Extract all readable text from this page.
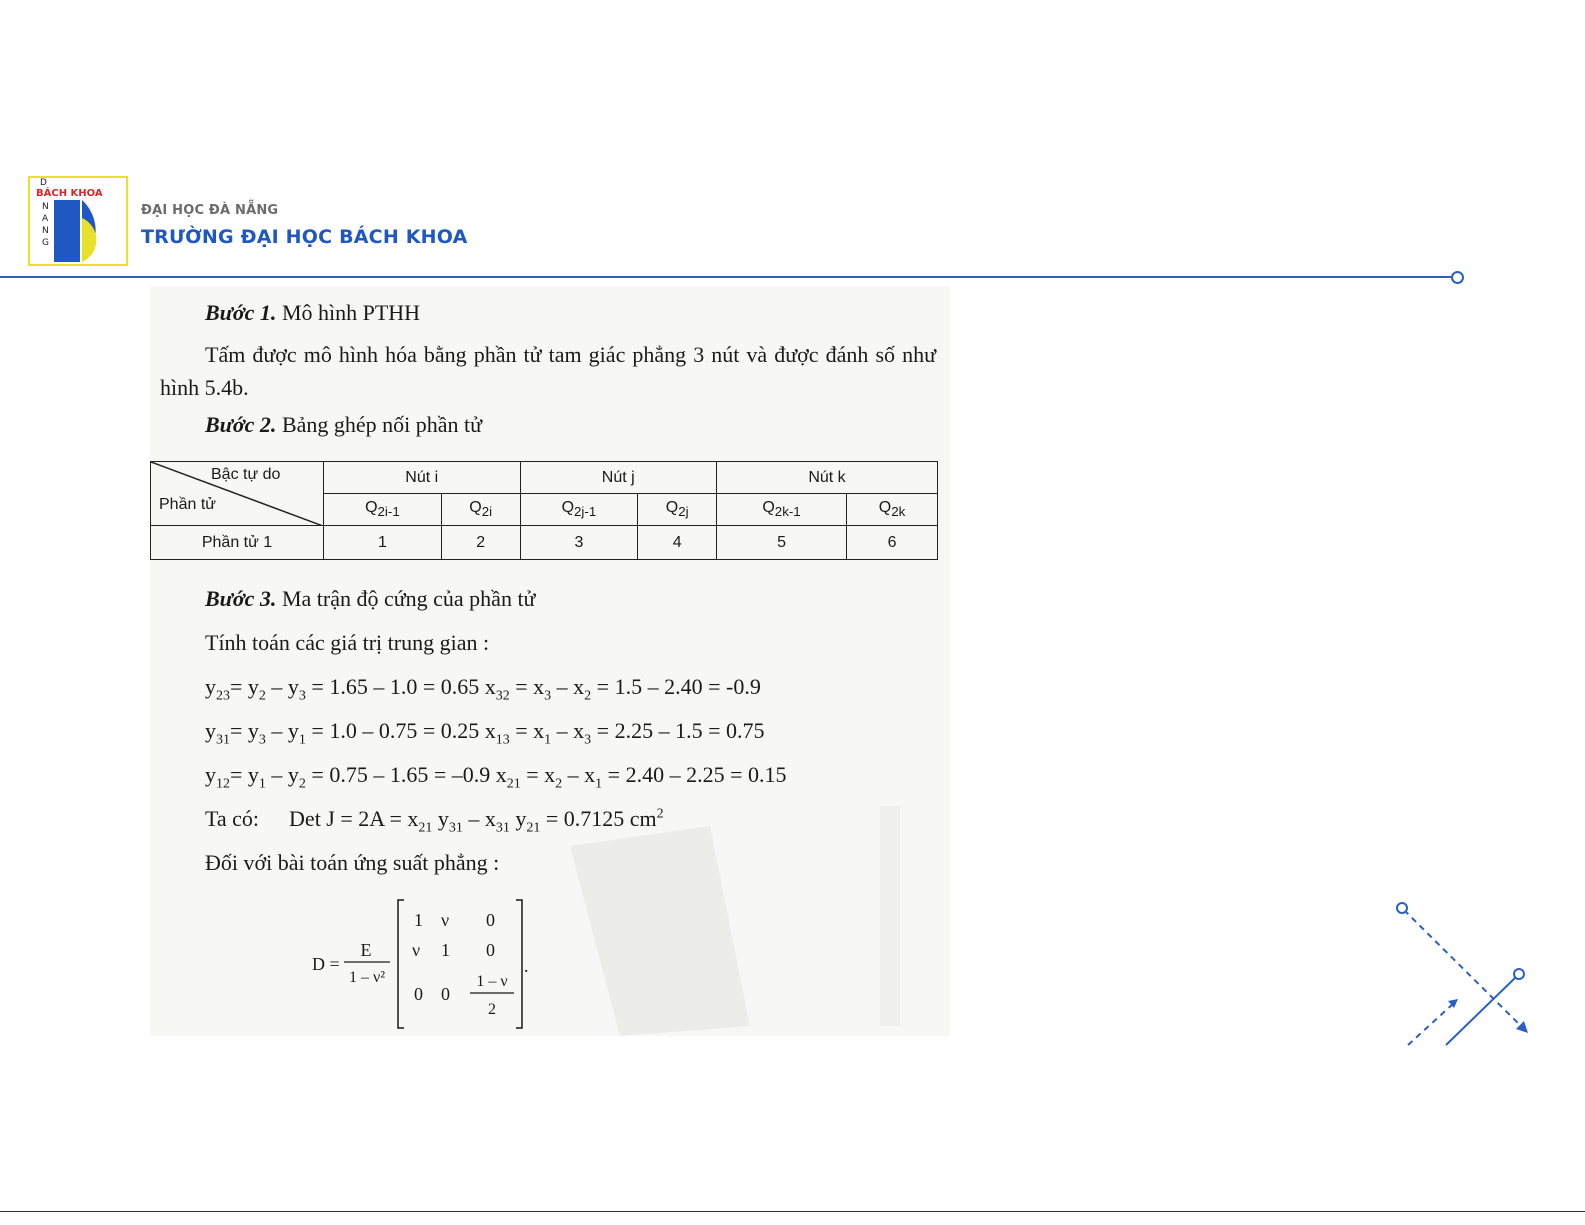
D
BÁCH KHOA
N
A
N
G
ĐẠI HỌC ĐÀ NẴNG
TRƯỜNG ĐẠI HỌC BÁCH KHOA
Bước 1. Mô hình PTHH
Tấm được mô hình hóa bằng phần tử tam giác phẳng 3 nút và được đánh số như hình 5.4b.
Bước 2. Bảng ghép nối phần tử
Bậc tự do
Phần tử	Nút i		Nút j		Nút k	
	$Q_{2i-1}$	$Q_{2i}$	$Q_{2j-1}$	$Q_{2j}$	$Q_{2k-1}$	$Q_{2k}$
Phần tử 1	1	2	3	4	5	6
Bước 3. Ma trận độ cứng của phần tử
Tính toán các giá trị trung gian :
$y_{23}= y_2 - y_3 = 1.65 - 1.0 = 0.65$ $x_{32} = x_3 - x_2 = 1.5 - 2.40 = -0.9$
$y_{31}= y_3 - y_1 = 1.0 - 0.75 = 0.25$ $x_{13} = x_1 - x_3 = 2.25 - 1.5 = 0.75$
$y_{12}= y_1 - y_2 = 0.75 - 1.65 = -0.9$ $x_{21} = x_2 - x_1 = 2.40 - 2.25 = 0.15$
Ta có: Det $J = 2A = x_{21}$ $y_{31} - x_{31}$ $y_{21} = 0.7125$ $cm^2$
Đối với bài toán ứng suất phẳng :
D =
E
1 – ν²
1 ν 0
ν 1 0
0 0
1 – ν
2
.
